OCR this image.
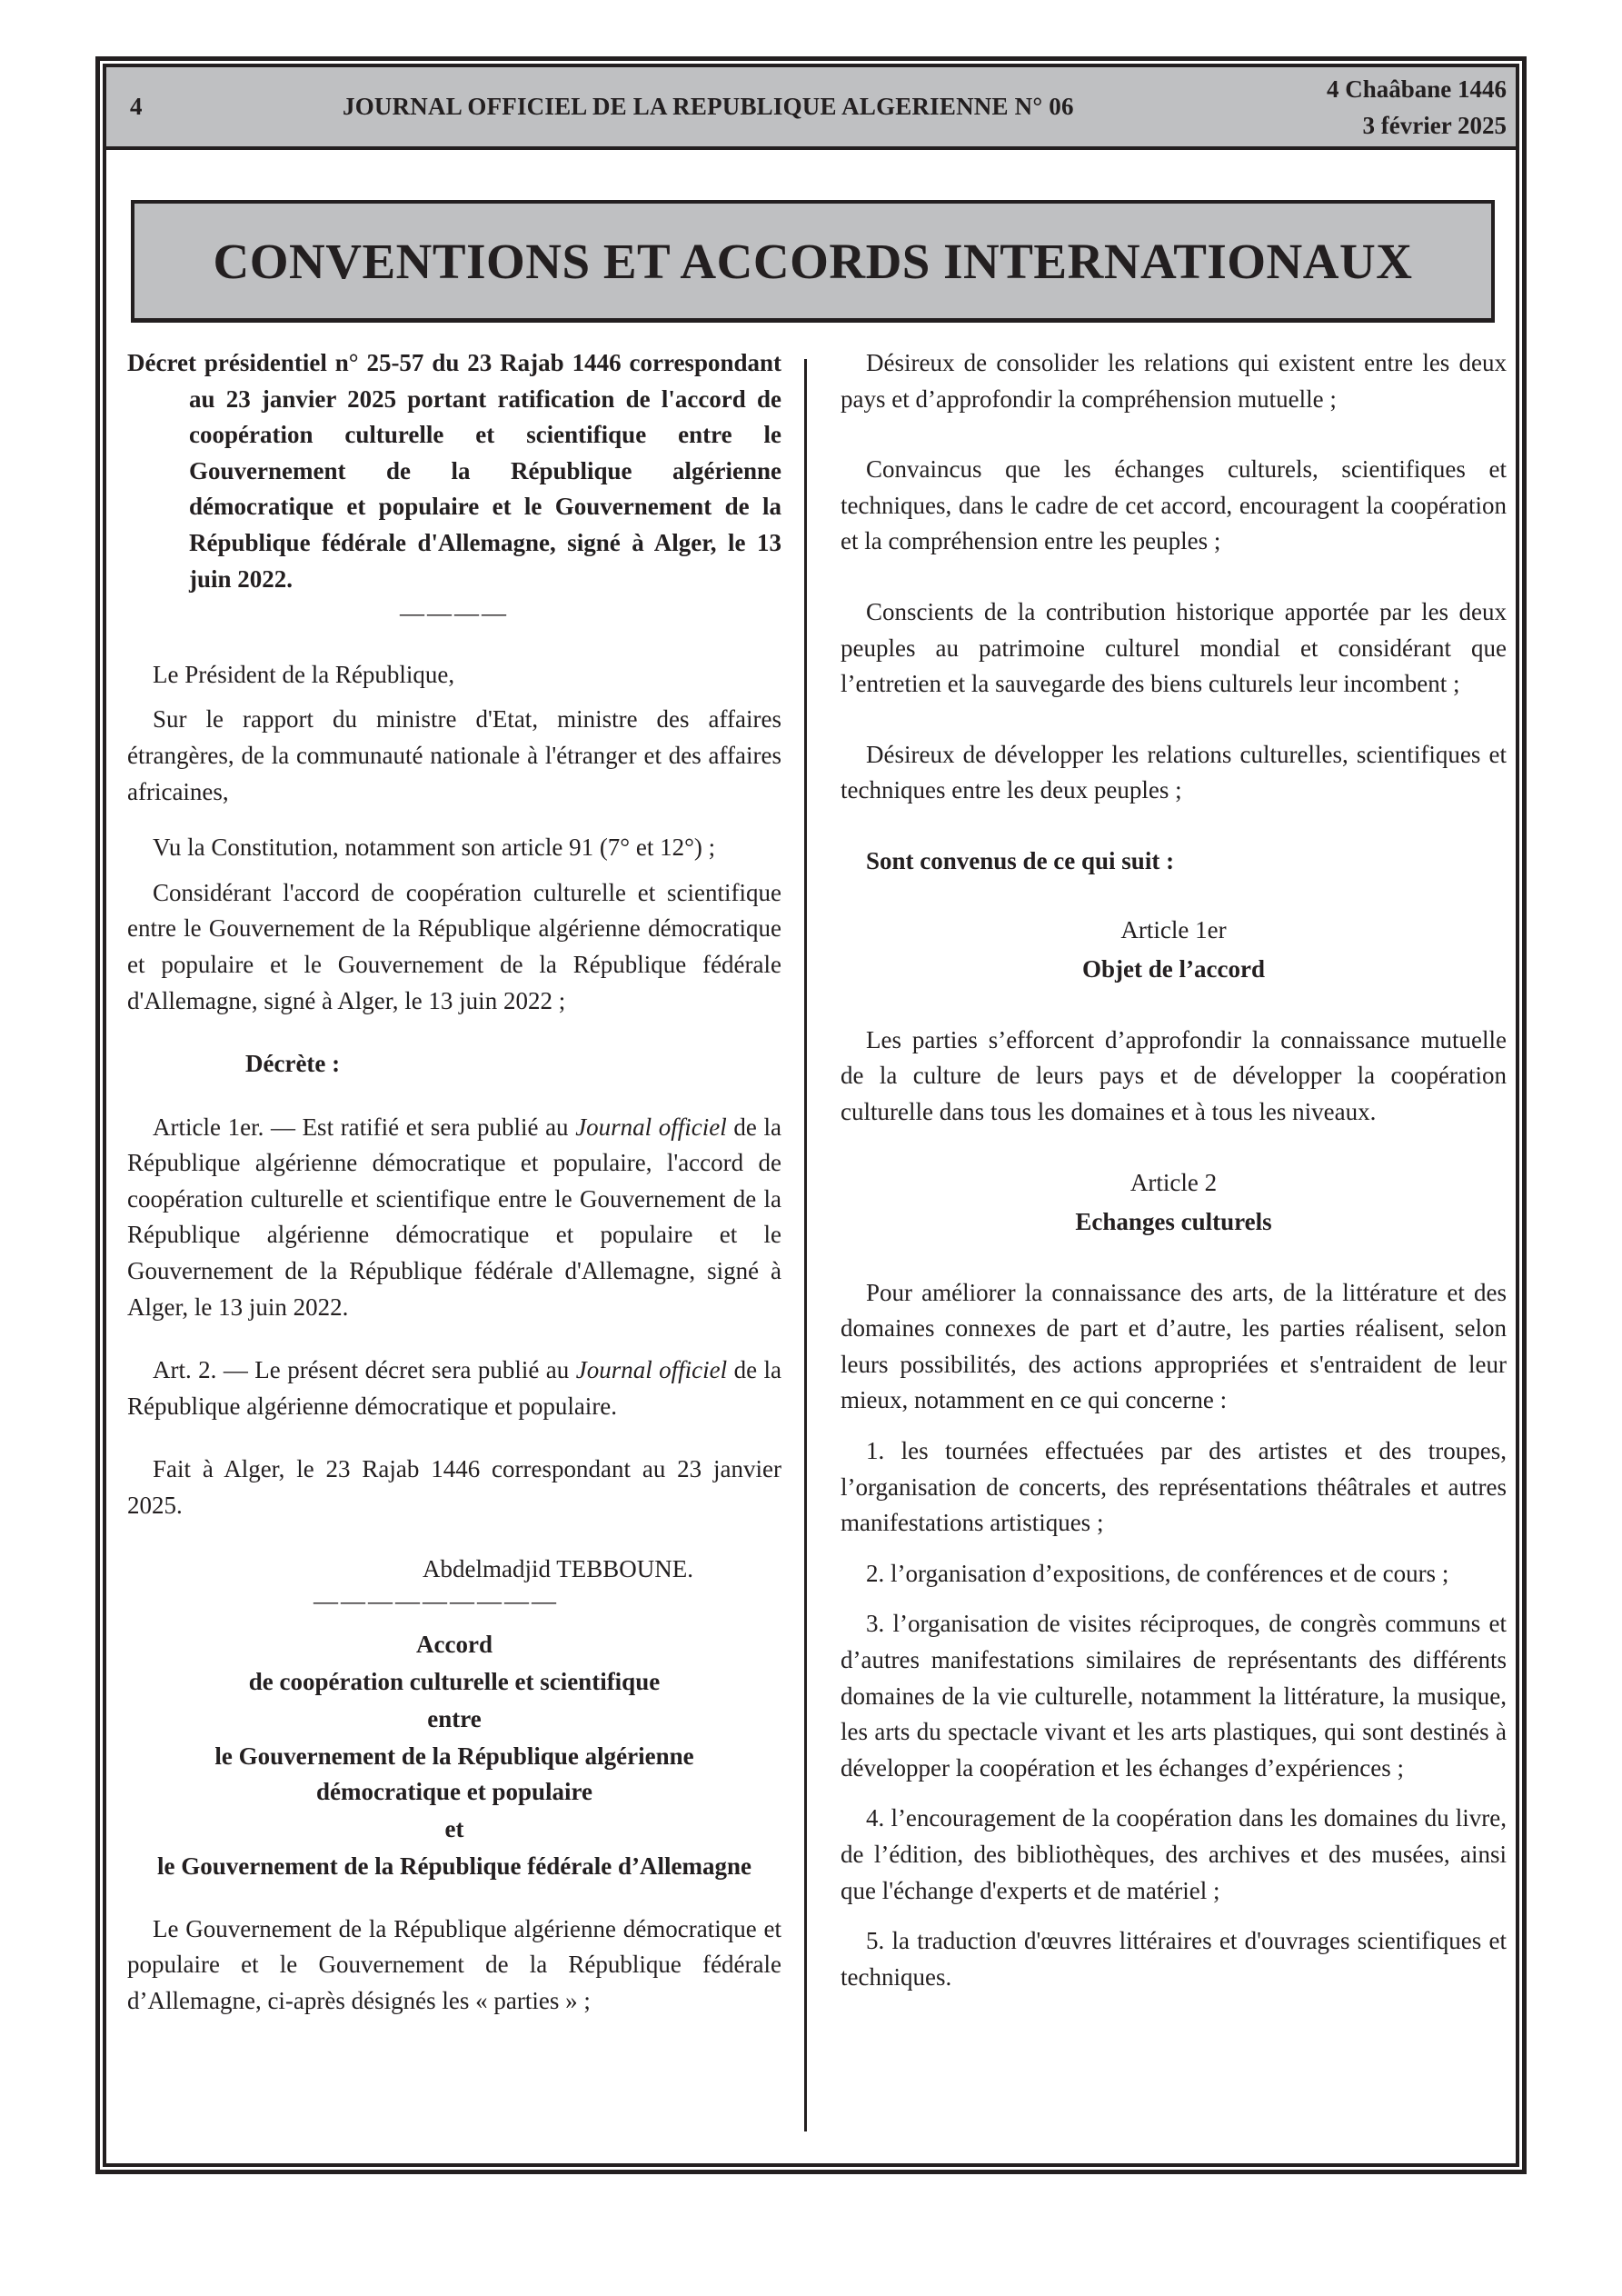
4	JOURNAL OFFICIEL DE LA REPUBLIQUE ALGERIENNE N° 06
4 Chaâbane 1446
3 février 2025
CONVENTIONS ET ACCORDS INTERNATIONAUX

Décret présidentiel n° 25-57 du 23 Rajab 1446 correspondant au 23 janvier 2025 portant ratification de l'accord de coopération culturelle et scientifique entre le Gouvernement de la République algérienne démocratique et populaire et le Gouvernement de la République fédérale d'Allemagne, signé à Alger, le 13 juin 2022.

————

Le Président de la République,

Sur le rapport du ministre d'Etat, ministre des affaires étrangères, de la communauté nationale à l'étranger et des affaires africaines,

Vu la Constitution, notamment son article 91 (7° et 12°) ;

Considérant l'accord de coopération culturelle et scientifique entre le Gouvernement de la République algérienne démocratique et populaire et le Gouvernement de la République fédérale d'Allemagne, signé à Alger, le 13 juin 2022 ;

Décrète :

Article 1er. — Est ratifié et sera publié au Journal officiel de la République algérienne démocratique et populaire, l'accord de coopération culturelle et scientifique entre le Gouvernement de la République algérienne démocratique et populaire et le Gouvernement de la République fédérale d'Allemagne, signé à Alger, le 13 juin 2022.

Art. 2. — Le présent décret sera publié au Journal officiel de la République algérienne démocratique et populaire.

Fait à Alger, le 23 Rajab 1446 correspondant au 23 janvier 2025.

Abdelmadjid TEBBOUNE.

—————————

Accord

de coopération culturelle et scientifique

entre

le Gouvernement de la République algérienne

démocratique et populaire

et

le Gouvernement de la République fédérale d’Allemagne

Le Gouvernement de la République algérienne démocratique et populaire et le Gouvernement de la République fédérale d’Allemagne, ci-après désignés les « parties » ;

Désireux de consolider les relations qui existent entre les deux pays et d’approfondir la compréhension mutuelle ;

Convaincus que les échanges culturels, scientifiques et techniques, dans le cadre de cet accord, encouragent la coopération et la compréhension entre les peuples ;

Conscients de la contribution historique apportée par les deux peuples au patrimoine culturel mondial et considérant que l’entretien et la sauvegarde des biens culturels leur incombent ;

Désireux de développer les relations culturelles, scientifiques et techniques entre les deux peuples ;

Sont convenus de ce qui suit :

Article 1er

Objet de l’accord

Les parties s’efforcent d’approfondir la connaissance mutuelle de la culture de leurs pays et de développer la coopération culturelle dans tous les domaines et à tous les niveaux.

Article 2

Echanges culturels

Pour améliorer la connaissance des arts, de la littérature et des domaines connexes de part et d’autre, les parties réalisent, selon leurs possibilités, des actions appropriées et s'entraident de leur mieux, notamment en ce qui concerne :

1. les tournées effectuées par des artistes et des troupes, l’organisation de concerts, des représentations théâtrales et autres manifestations artistiques ;

2. l’organisation d’expositions, de conférences et de cours ;

3. l’organisation de visites réciproques, de congrès communs et d’autres manifestations similaires de représentants des différents domaines de la vie culturelle, notamment la littérature, la musique, les arts du spectacle vivant et les arts plastiques, qui sont destinés à développer la coopération et les échanges d’expériences ;

4. l’encouragement de la coopération dans les domaines du livre, de l’édition, des bibliothèques, des archives et des musées, ainsi que l'échange d'experts et de matériel ;

5. la traduction d'œuvres littéraires et d'ouvrages scientifiques et techniques.
